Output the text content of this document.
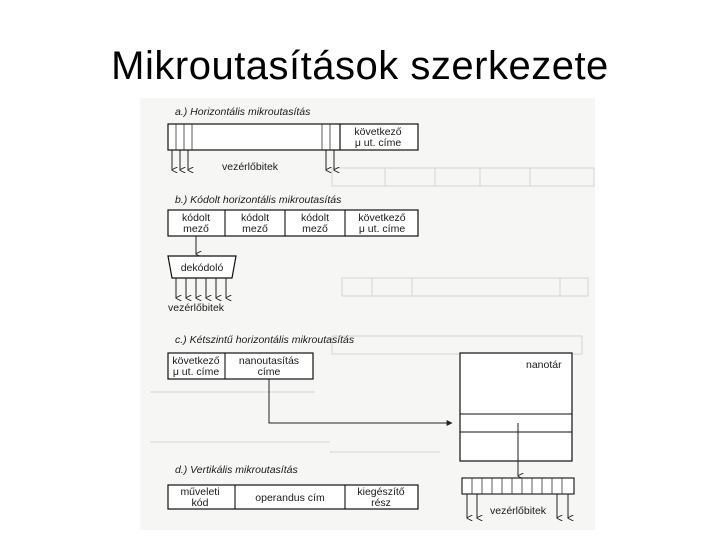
Mikroutasítások szerkezete
a.) Horizontális mikroutasítás
következő
μ ut. címe
vezérlőbitek
b.) Kódolt horizontális mikroutasítás
kódolt
mező
kódolt
mező
kódolt
mező
következő
μ ut. címe
dekódoló
vezérlőbitek
c.) Kétszintű horizontális mikroutasítás
következő
μ ut. címe
nanoutasítás
címe
nanotár
vezérlőbitek
d.) Vertikális mikroutasítás
műveleti
kód	operandus cím	kiegészítő
rész
